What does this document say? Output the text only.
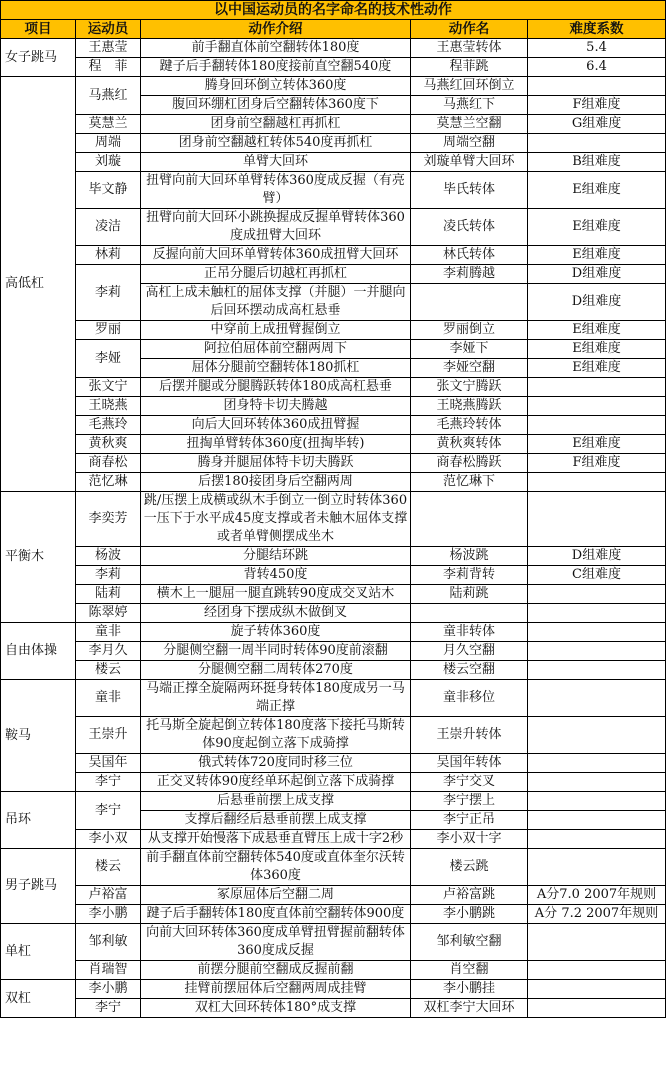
以中国运动员的名字命名的技术性动作				
项目	运动员	动作介绍	动作名	难度系数
女子跳马	王惠莹	前手翻直体前空翻转体180度	王惠莹转体	5.4
	程　菲	踺子后手翻转体180度接前直空翻540度	程菲跳	6.4
高低杠	马燕红	腾身回环倒立转体360度	马燕红回环倒立	
		腹回环绷杠团身后空翻转体360度下	马燕红下	F组难度
	莫慧兰	团身前空翻越杠再抓杠	莫慧兰空翻	G组难度
	周端	团身前空翻越杠转体540度再抓杠	周端空翻	
	刘璇	单臂大回环	刘璇单臂大回环	B组难度
	毕文静	扭臂向前大回环单臂转体360度成反握（有亮臂）	毕氏转体	E组难度
	凌洁	扭臂向前大回环小跳换握成反握单臂转体360度成扭臂大回环	凌氏转体	E组难度
	林莉	反握向前大回环单臂转体360成扭臂大回环	林氏转体	E组难度
	李莉	正吊分腿后切越杠再抓杠	李莉腾越	D组难度
		高杠上成未触杠的屈体支撑（并腿）一并腿向后回环摆动成高杠悬垂		D组难度
	罗丽	中穿前上成扭臂握倒立	罗丽倒立	E组难度
	李娅	阿拉伯屈体前空翻两周下	李娅下	E组难度
		屈体分腿前空翻转体180抓杠	李娅空翻	E组难度
	张文宁	后摆并腿或分腿腾跃转体180成高杠悬垂	张文宁腾跃	
	王晓燕	团身特卡切夫腾越	王晓燕腾跃	
	毛燕玲	向后大回环转体360成扭臂握	毛燕玲转体	
	黄秋爽	扭掏单臂转体360度(扭掏毕转)	黄秋爽转体	E组难度
	商春松	腾身并腿屈体特卡切夫腾跃	商春松腾跃	F组难度
	范忆琳	后摆180接团身后空翻两周	范忆琳下	
平衡木	李奕芳	跳/压摆上成横或纵木手倒立一倒立时转体360一压下于水平成45度支撑或者未触木屈体支撑或者单臂侧摆成坐木		
	杨波	分腿结环跳	杨波跳	D组难度
	李莉	背转450度	李莉背转	C组难度
	陆莉	横木上一腿屈一腿直跳转90度成交叉站木	陆莉跳	
	陈翠婷	经团身下摆成纵木做倒叉		
自由体操	童非	旋子转体360度	童非转体	
	李月久	分腿侧空翻一周半同时转体90度前滚翻	月久空翻	
	楼云	分腿侧空翻二周转体270度	楼云空翻	
鞍马	童非	马端正撑全旋隔两环挺身转体180度成另一马端正撑	童非移位	
	王崇升	托马斯全旋起倒立转体180度落下接托马斯转体90度起倒立落下成骑撑	王崇升转体	
	吴国年	俄式转体720度同时移三位	吴国年转体	
	李宁	正交叉转体90度经单环起倒立落下成骑撑	李宁交叉	
吊环	李宁	后悬垂前摆上成支撑	李宁摆上	
		支撑后翻经后悬垂前摆上成支撑	李宁正吊	
	李小双	从支撑开始慢落下成悬垂直臂压上成十字2秒	李小双十字	
男子跳马	楼云	前手翻直体前空翻转体540度或直体奎尔沃转体360度	楼云跳	
	卢裕富	冢原屈体后空翻二周	卢裕富跳	A分7.0 2007年规则
	李小鹏	踺子后手翻转体180度直体前空翻转体900度	李小鹏跳	A分 7.2 2007年规则
单杠	邹利敏	向前大回环转体360度成单臂扭臂握前翻转体360度成反握	邹利敏空翻	
	肖瑞智	前摆分腿前空翻成反握前翻	肖空翻	
双杠	李小鹏	挂臂前摆屈体后空翻两周成挂臂	李小鹏挂	
	李宁	双杠大回环转体180°成支撑	双杠李宁大回环	
